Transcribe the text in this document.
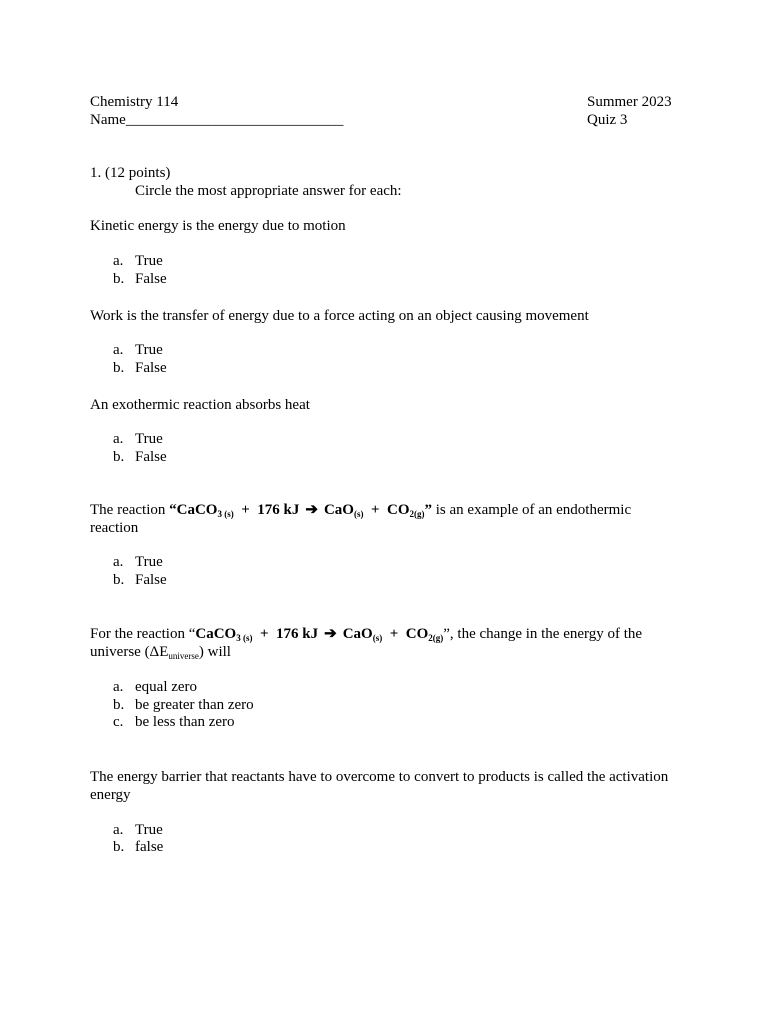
Chemistry 114	Summer 2023
Name_____________________________	Quiz 3
1. (12 points)
Circle the most appropriate answer for each:
Kinetic energy is the energy due to motion
a. True
b. False
Work is the transfer of energy due to a force acting on an object causing movement
a. True
b. False
An exothermic reaction absorbs heat
a. True
b. False
The reaction “CaCO$_{3 (s)}$ + 176 kJ ➔ $CaO_{(s)} + CO_{2(g)}$” is an example of an endothermic reaction
a. True
b. False
For the reaction “CaCO$_{3 (s)}$ + 176 kJ ➔ $CaO_{(s)} + CO_{2(g)}$”, the change in the energy of the universe $(\Delta E_{universe})$ will
a. equal zero
b. be greater than zero
c. be less than zero
The energy barrier that reactants have to overcome to convert to products is called the activation energy
a. True
b. false
